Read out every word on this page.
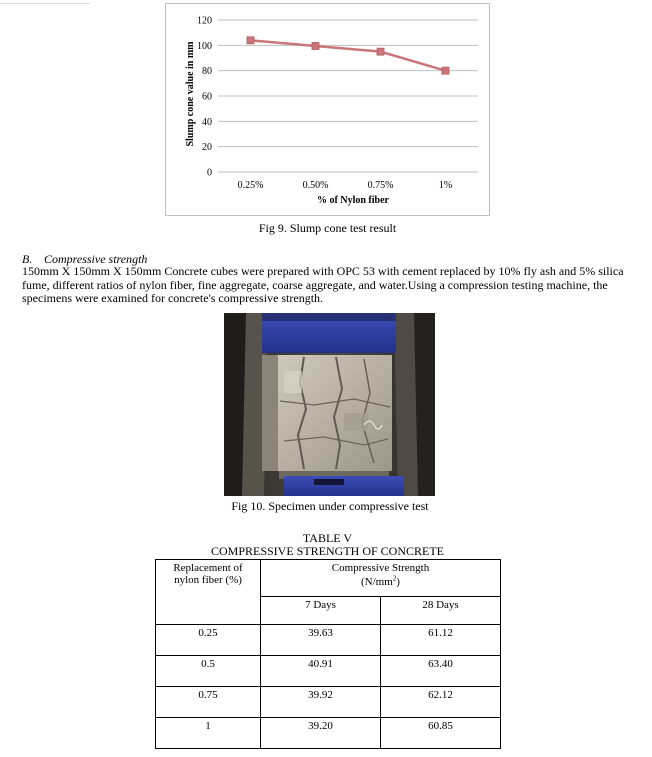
0
20
40
60
80
100
120
0.25%	0.50%	0.75%	1%
Slump cone value in mm
% of Nylon fiber
Fig 9. Slump cone test result
B. Compressive strength
150mm X 150mm X 150mm Concrete cubes were prepared with OPC 53 with cement replaced by 10% fly ash and 5% silica fume, different ratios of nylon fiber, fine aggregate, coarse aggregate, and water.Using a compression testing machine, the specimens were examined for concrete's compressive strength.
Fig 10. Specimen under compressive test
TABLE V
COMPRESSIVE STRENGTH OF CONCRETE
Replacement of
nylon fiber (%)	Compressive Strength
$(N/mm^2)$	
	7 Days	28 Days
0.25	39.63	61.12
0.5	40.91	63.40
0.75	39.92	62.12
1	39.20	60.85
